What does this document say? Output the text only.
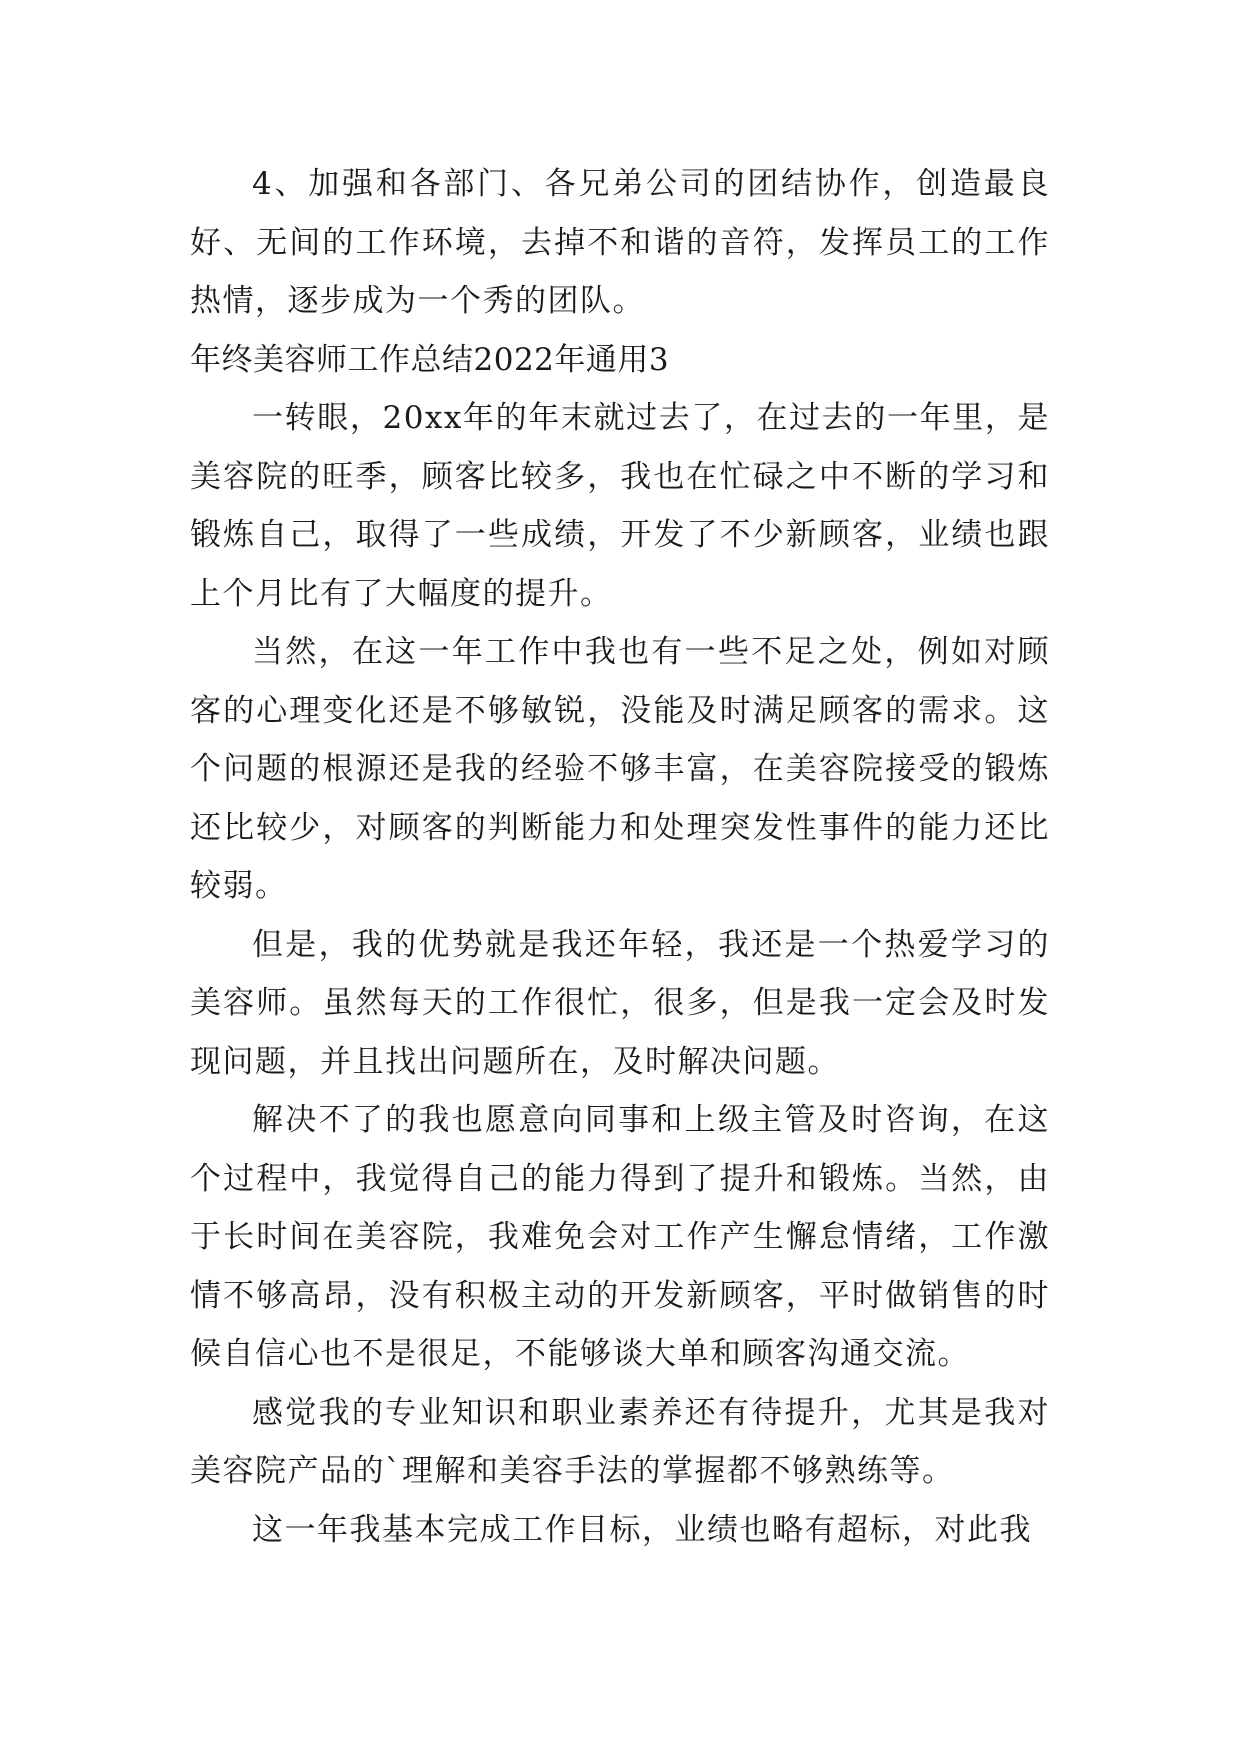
4、加强和各部门、各兄弟公司的团结协作，创造最良好、无间的工作环境，去掉不和谐的音符，发挥员工的工作热情，逐步成为一个秀的团队。

年终美容师工作总结2022年通用3

一转眼，20xx年的年末就过去了，在过去的一年里，是美容院的旺季，顾客比较多，我也在忙碌之中不断的学习和锻炼自己，取得了一些成绩，开发了不少新顾客，业绩也跟上个月比有了大幅度的提升。

当然，在这一年工作中我也有一些不足之处，例如对顾客的心理变化还是不够敏锐，没能及时满足顾客的需求。这个问题的根源还是我的经验不够丰富，在美容院接受的锻炼还比较少，对顾客的判断能力和处理突发性事件的能力还比较弱。

但是，我的优势就是我还年轻，我还是一个热爱学习的美容师。虽然每天的工作很忙，很多，但是我一定会及时发现问题，并且找出问题所在，及时解决问题。

解决不了的我也愿意向同事和上级主管及时咨询，在这个过程中，我觉得自己的能力得到了提升和锻炼。当然，由于长时间在美容院，我难免会对工作产生懈怠情绪，工作激情不够高昂，没有积极主动的开发新顾客，平时做销售的时候自信心也不是很足，不能够谈大单和顾客沟通交流。

感觉我的专业知识和职业素养还有待提升，尤其是我对美容院产品的`理解和美容手法的掌握都不够熟练等。

这一年我基本完成工作目标，业绩也略有超标，对此我
